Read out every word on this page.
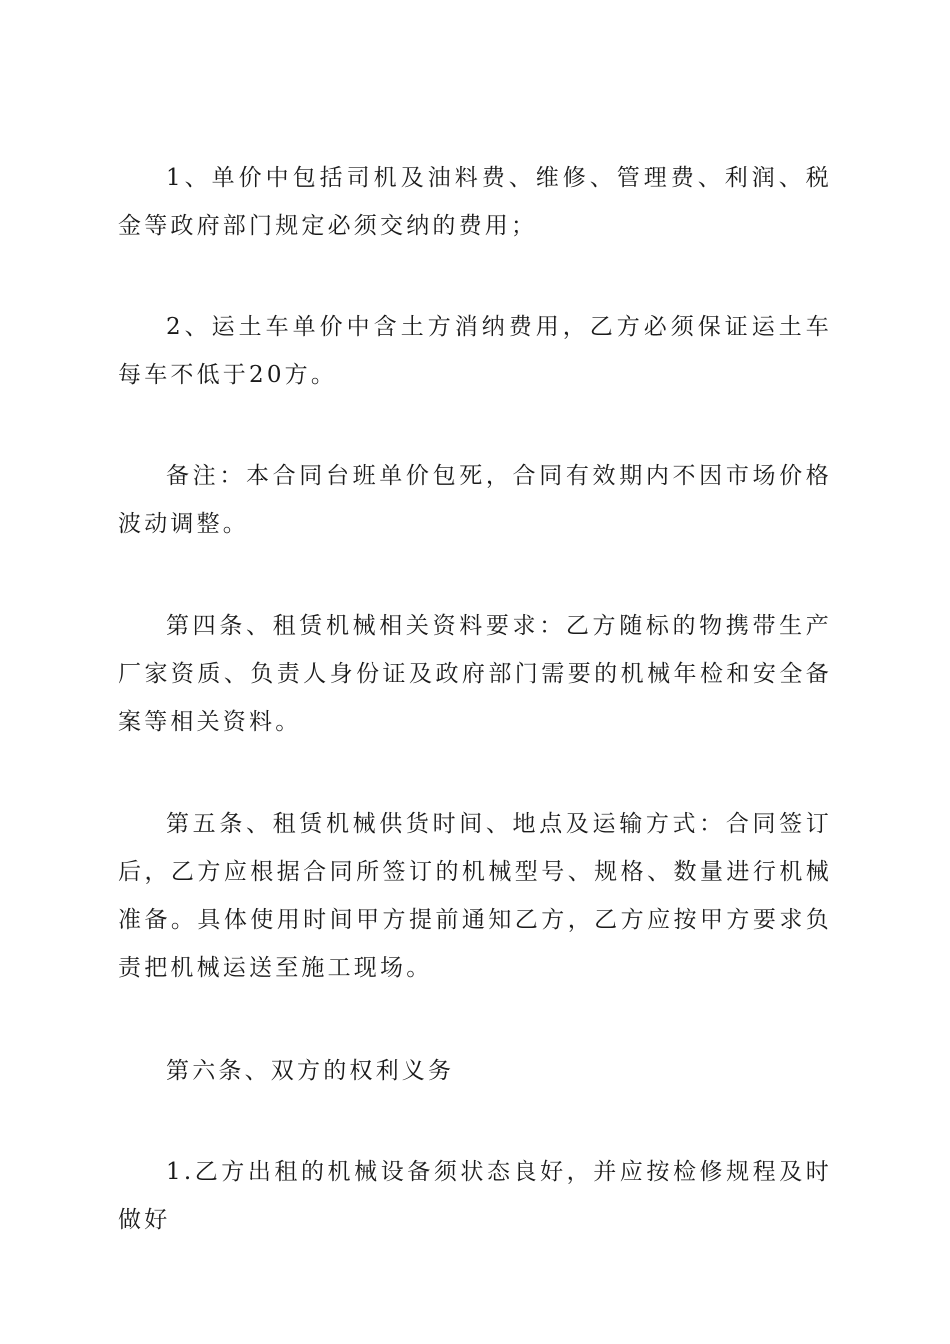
1、单价中包括司机及油料费、维修、管理费、利润、税金等政府部门规定必须交纳的费用；

2、运土车单价中含土方消纳费用，乙方必须保证运土车每车不低于20方。

备注：本合同台班单价包死，合同有效期内不因市场价格波动调整。

第四条、租赁机械相关资料要求：乙方随标的物携带生产厂家资质、负责人身份证及政府部门需要的机械年检和安全备案等相关资料。

第五条、租赁机械供货时间、地点及运输方式：合同签订后，乙方应根据合同所签订的机械型号、规格、数量进行机械准备。具体使用时间甲方提前通知乙方，乙方应按甲方要求负责把机械运送至施工现场。

第六条、双方的权利义务

1.乙方出租的机械设备须状态良好，并应按检修规程及时做好
